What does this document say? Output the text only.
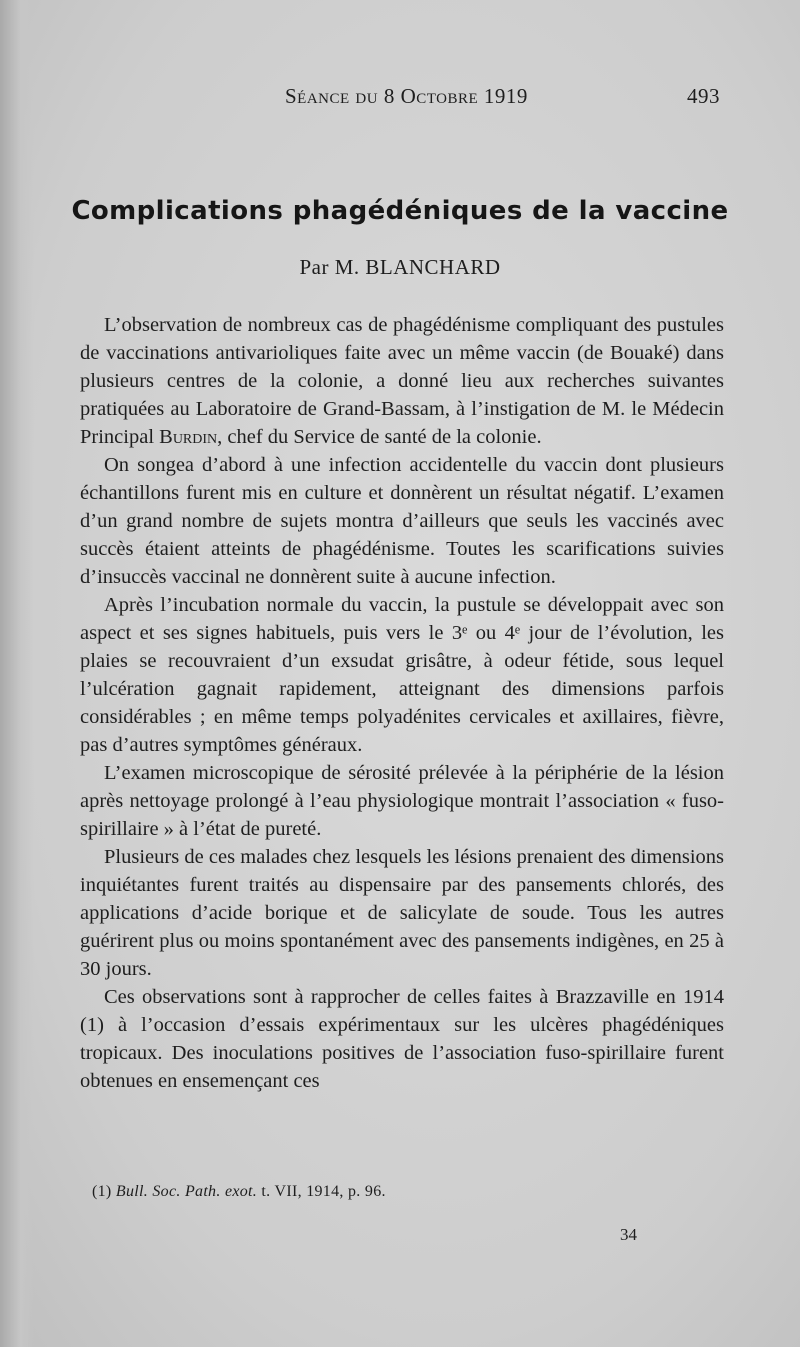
Séance du 8 Octobre 1919	493
Complications phagédéniques de la vaccine
Par M. BLANCHARD

L’observation de nombreux cas de phagédénisme compliquant des pustules de vaccinations antivarioliques faite avec un même vaccin (de Bouaké) dans plusieurs centres de la colonie, a donné lieu aux recherches suivantes pratiquées au Laboratoire de Grand-Bassam, à l’instigation de M. le Médecin Principal Burdin, chef du Service de santé de la colonie.

On songea d’abord à une infection accidentelle du vaccin dont plusieurs échantillons furent mis en culture et donnèrent un résultat négatif. L’examen d’un grand nombre de sujets montra d’ailleurs que seuls les vaccinés avec succès étaient atteints de phagédénisme. Toutes les scarifications suivies d’insuccès vaccinal ne donnèrent suite à aucune infection.

Après l’incubation normale du vaccin, la pustule se développait avec son aspect et ses signes habituels, puis vers le 3ᵉ ou 4ᵉ jour de l’évolution, les plaies se recouvraient d’un exsudat grisâtre, à odeur fétide, sous lequel l’ulcération gagnait rapidement, atteignant des dimensions parfois considérables ; en même temps polyadénites cervicales et axillaires, fièvre, pas d’autres symptômes généraux.

L’examen microscopique de sérosité prélevée à la périphérie de la lésion après nettoyage prolongé à l’eau physiologique montrait l’association « fuso-spirillaire » à l’état de pureté.

Plusieurs de ces malades chez lesquels les lésions prenaient des dimensions inquiétantes furent traités au dispensaire par des pansements chlorés, des applications d’acide borique et de salicylate de soude. Tous les autres guérirent plus ou moins spontanément avec des pansements indigènes, en 25 à 30 jours.

Ces observations sont à rapprocher de celles faites à Brazzaville en 1914 (1) à l’occasion d’essais expérimentaux sur les ulcères phagédéniques tropicaux. Des inoculations positives de l’association fuso-spirillaire furent obtenues en ensemençant ces

(1) Bull. Soc. Path. exot. t. VII, 1914, p. 96.
34
